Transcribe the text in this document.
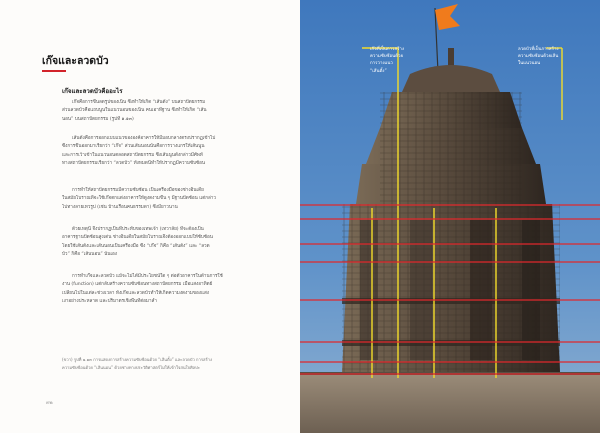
เก๊จและลวดบัว
เก๊จและลวดบัวคืออะไร
เก๊จคือการขึ้นลดรูปของเนิน ซึ่งทำให้เกิด “เส้นตั้ง” บนสถาปัตยกรรม
ส่วนลวดบัวคือแถบนูนในแนวนอนของเนิน คนเอาที่ฐาน ซึ่งทำให้เกิด “เส้น
นอน” บนสถาปัตยกรรม (รูปที่ ๑.๑๓)
เส้นตั้งคือการออกแบบแนวขององค์อาคารให้มีมอบกลางตรงปรากฏเข้าไป
ซึ่งการขึ้นออกมาเรียกว่า “เก๊จ” ส่วนเส้นนอนนั้นคือการวางแกรให้เส้นนูน
และการเว้าเข้าในแนวนอนตลอดสถาปัตยกรรม ซึ่งเส้นนูนดังกล่าวมีศัพท์
ทางสถาปัตยกรรมเรียกว่า “ลวดบัว” ทั้งหมดนี้ทำให้ปรากฏมีความซับซ้อน
การทำให้สถาปัตยกรรมมีความซับซ้อน เป็นเครื่องมือของช่างอินเดีย
ในสมัยโบราณที่จะใช้เก๊จตกแต่งอาคารให้ดูงดงามขึ้น ๆ มีฐานปัดซ้อน แต่กล่าว
ไปทางลายเทวรูป (เช่น บ้านเรือนคนธรรมดา) ซึ่งมียาวนาน
ด้วยเหตุนี้ จึงปรากฏเป็นที่ประทับของเทพเจ้า (เทวาลัย) ที่จะต้องเป็น
อาคารฐานปัดซ้อนสูงเด่น ช่างอินเดียในสมัยโบราณจึงต้องออกแบบให้ซับซ้อน
โดยใช้เส้นตั้งและเส้นนอนเป็นเครื่องมือ ซึ่ง “เก๊จ” ก็คือ “เส้นตั้ง” และ “ลวด
บัว” ก็คือ “เส้นนอน” นั่นเอง
การทำเก๊จและลวดบัว แม้จะไม่ได้มีประโยชน์ใด ๆ ต่อตัวอาคารในด้านการใช้
งาน (function) แต่กลับสร้างความซับซ้อนทางสถาปัตยกรรม เมื่อแสงอาทิตย์
เปลี่ยนไปในแต่ละช่วงเวลา ทั้งเก๊จและลวดบัวทำให้เกิดความงดงามของแสง
เงาอย่างประหลาด และปริมาตรเชิงพื้นที่ต่อมาล้ำ
(ขวา) รูปที่ ๑.๑๓ การแสดงการสร้างความซับซ้อนด้วย “เส้นตั้ง” และลวดบัว การสร้าง
ความซับซ้อนด้วย “เส้นนอน” ด้วยช่างทางประวัติศาสตร์ไม่ให้เข้าใจสนใจศิลปะ
๓๒
เก๊จที่เป็นการสร้าง
ความซับซ้อนด้วย
การวางแนว
“เส้นตั้ง”
ลวดบัวที่เป็นการสร้าง
ความซับซ้อนด้วยเส้น
ในแนวนอน
